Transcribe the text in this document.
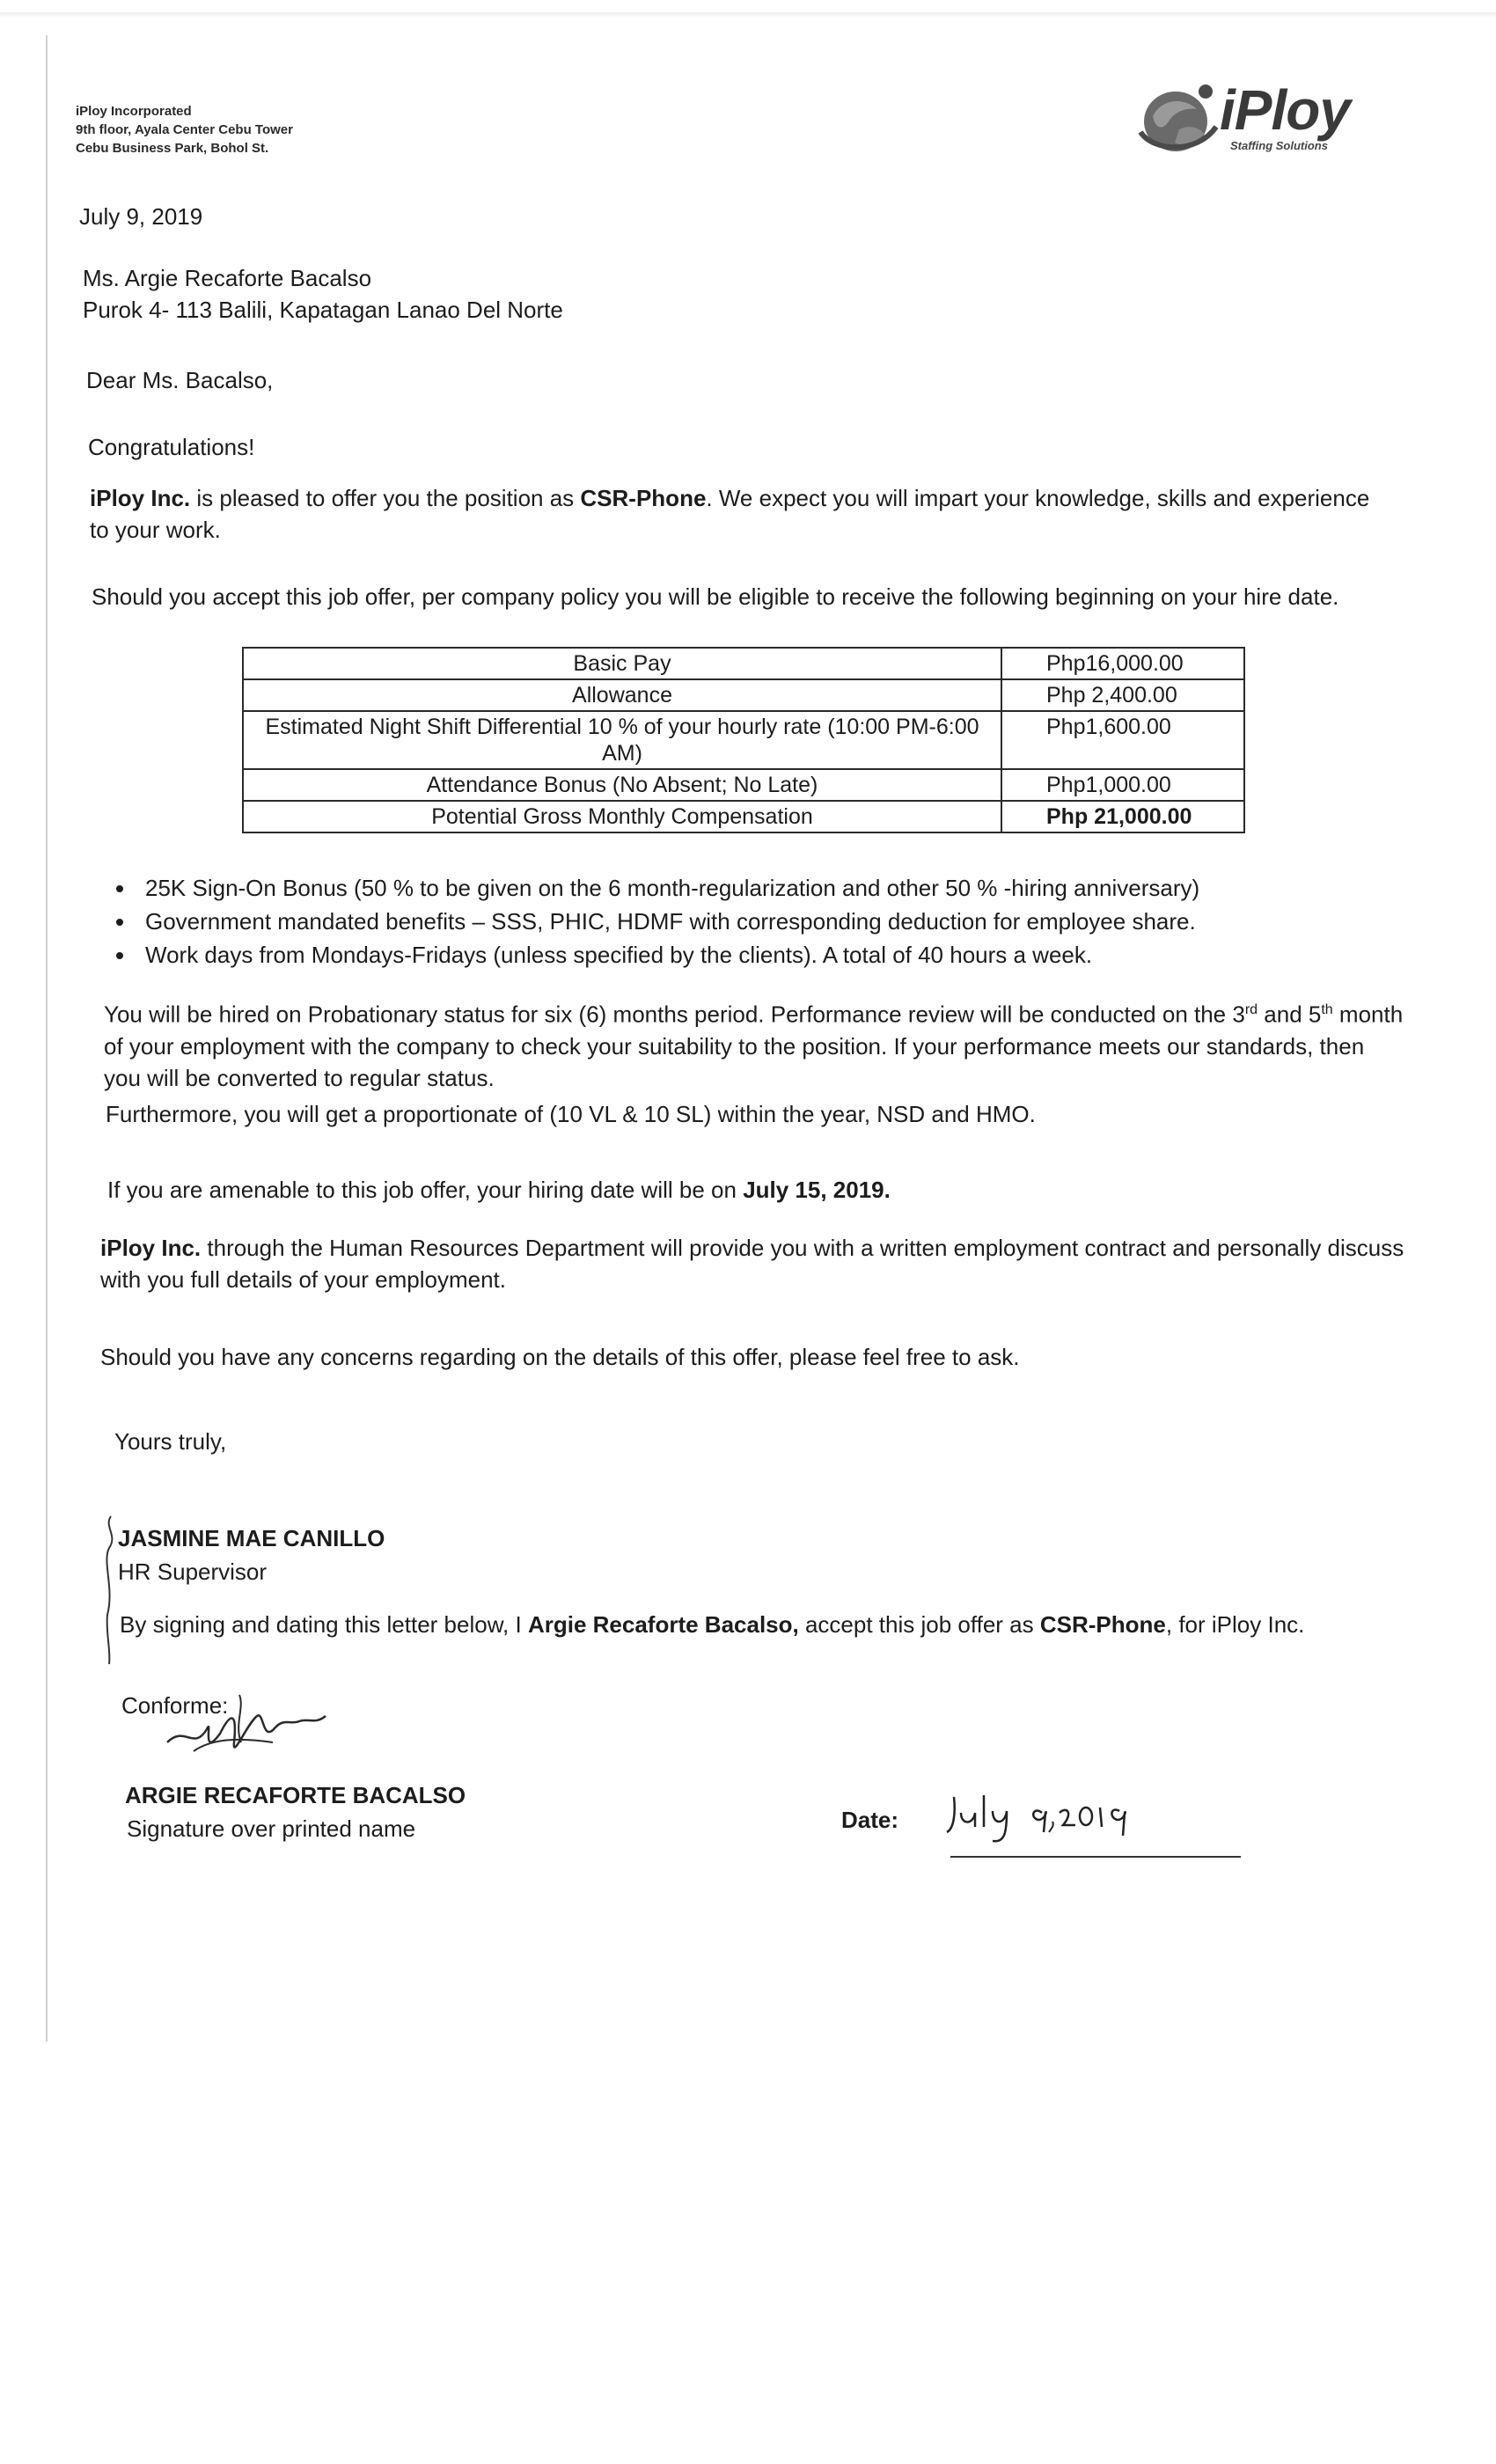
iPloy Incorporated
9th floor, Ayala Center Cebu Tower
Cebu Business Park, Bohol St.
iPloy
Staffing Solutions
July 9, 2019
Ms. Argie Recaforte Bacalso
Purok 4- 113 Balili, Kapatagan Lanao Del Norte
Dear Ms. Bacalso,
Congratulations!
iPloy Inc. is pleased to offer you the position as CSR-Phone. We expect you will impart your knowledge, skills and experience to your work.
Should you accept this job offer, per company policy you will be eligible to receive the following beginning on your hire date.
Basic Pay	Php16,000.00
Allowance	Php 2,400.00
Estimated Night Shift Differential 10 % of your hourly rate (10:00 PM-6:00 AM)	Php1,600.00
Attendance Bonus (No Absent; No Late)	Php1,000.00
Potential Gross Monthly Compensation	Php 21,000.00
• 25K Sign-On Bonus (50 % to be given on the 6 month-regularization and other 50 % -hiring anniversary)
• Government mandated benefits – SSS, PHIC, HDMF with corresponding deduction for employee share.
• Work days from Mondays-Fridays (unless specified by the clients). A total of 40 hours a week.
You will be hired on Probationary status for six (6) months period. Performance review will be conducted on the 3rd and 5th month of your employment with the company to check your suitability to the position. If your performance meets our standards, then you will be converted to regular status.
Furthermore, you will get a proportionate of (10 VL & 10 SL) within the year, NSD and HMO.
If you are amenable to this job offer, your hiring date will be on July 15, 2019.
iPloy Inc. through the Human Resources Department will provide you with a written employment contract and personally discuss with you full details of your employment.
Should you have any concerns regarding on the details of this offer, please feel free to ask.
Yours truly,
JASMINE MAE CANILLO
HR Supervisor
By signing and dating this letter below, I Argie Recaforte Bacalso, accept this job offer as CSR-Phone, for iPloy Inc.
Conforme:
ARGIE RECAFORTE BACALSO
Signature over printed name	Date:
